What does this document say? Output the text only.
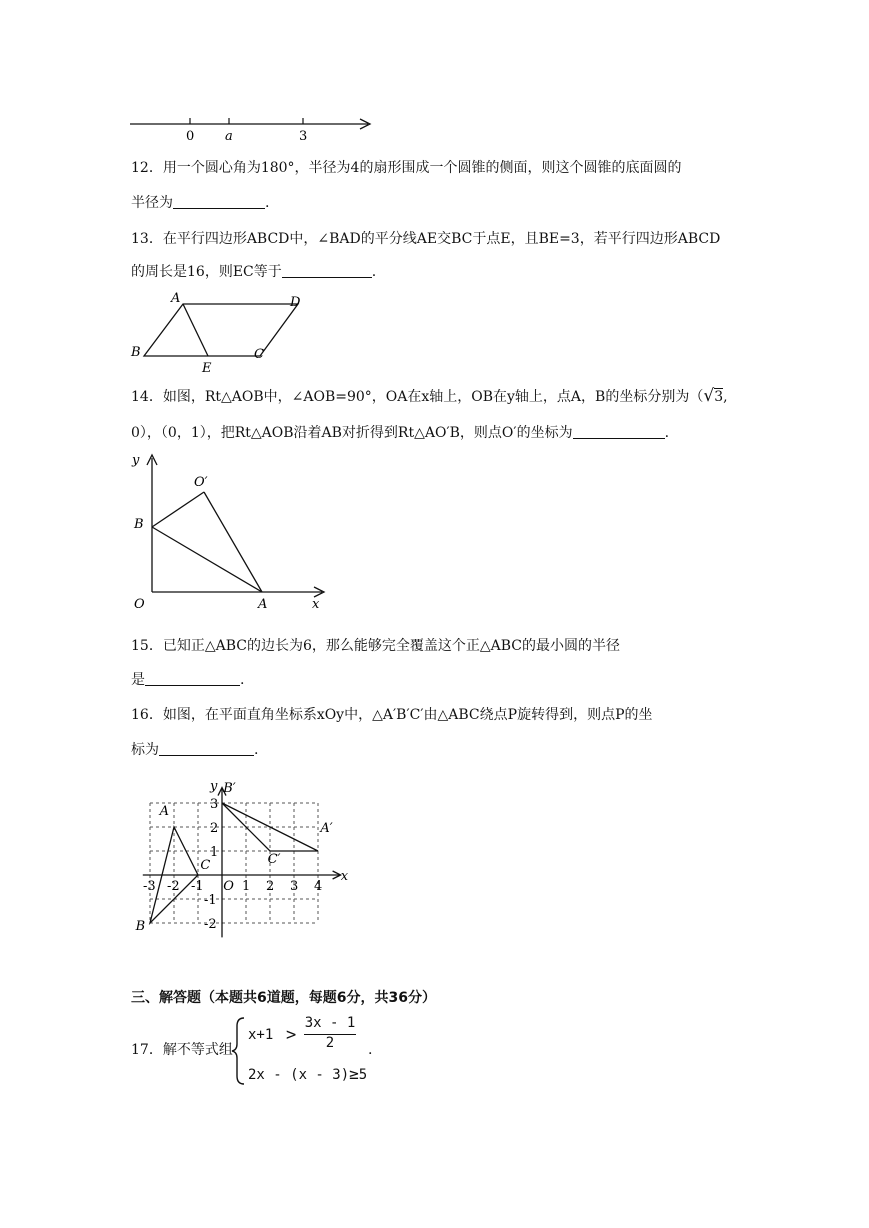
0 a	3
12．用一个圆心角为180°，半径为4的扇形围成一个圆锥的侧面，则这个圆锥的底面圆的
半径为	.
13．在平行四边形ABCD中，∠BAD的平分线AE交BC于点E，且BE=3，若平行四边形ABCD
的周长是16，则EC等于	.
A	D
B
E
C
14．如图，Rt△AOB中，∠AOB=90°，OA在x轴上，OB在y轴上，点A，B的坐标分别为（√3,
0），（0，1），把Rt△AOB沿着AB对折得到Rt△AO′B，则点O′的坐标为	.
y
O′
B
O	A	x
15．已知正△ABC的边长为6，那么能够完全覆盖这个正△ABC的最小圆的半径
是	.
16．如图，在平面直角坐标系xOy中，△A′B′C′由△ABC绕点P旋转得到，则点P的坐
标为	.
-3 -2 -1	1 2 3 4
3
2
1
-1
-2
A
B
C
A′
B′
C′
O
x
y
三、解答题（本题共6道题，每题6分，共36分）
17．解不等式组
x+1 >
3x - 1
2
2x - (x - 3)≥5
.
